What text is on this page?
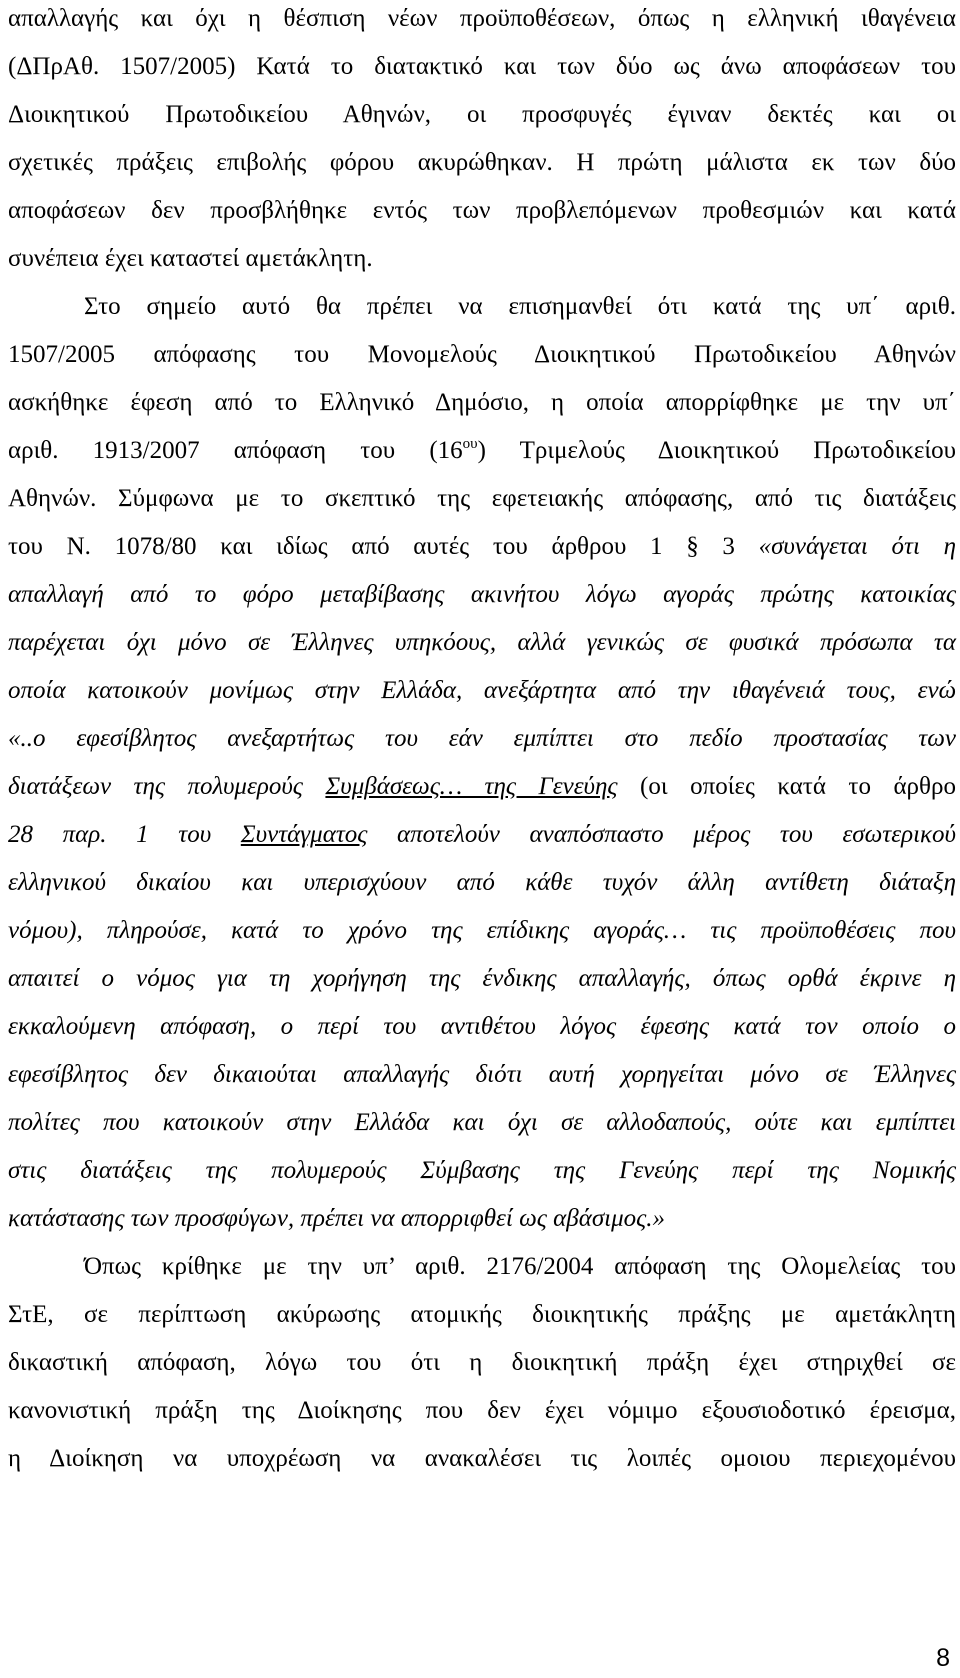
απαλλαγής και όχι η θέσπιση νέων προϋποθέσεων, όπως η ελληνική ιθαγένεια
(ΔΠρΑθ. 1507/2005) Κατά το διατακτικό και των δύο ως άνω αποφάσεων του
Διοικητικού Πρωτοδικείου Αθηνών, οι προσφυγές έγιναν δεκτές και οι
σχετικές πράξεις επιβολής φόρου ακυρώθηκαν. Η πρώτη μάλιστα εκ των δύο
αποφάσεων δεν προσβλήθηκε εντός των προβλεπόμενων προθεσμιών και κατά
συνέπεια έχει καταστεί αμετάκλητη.
Στο σημείο αυτό θα πρέπει να επισημανθεί ότι κατά της υπ΄ αριθ.
1507/2005 απόφασης του Μονομελούς Διοικητικού Πρωτοδικείου Αθηνών
ασκήθηκε έφεση από το Ελληνικό Δημόσιο, η οποία απορρίφθηκε με την υπ΄
αριθ. 1913/2007 απόφαση του $(16^{o\upsilon})$ Τριμελούς Διοικητικού Πρωτοδικείου
Αθηνών. Σύμφωνα με το σκεπτικό της εφετειακής απόφασης, από τις διατάξεις
του Ν. 1078/80 και ιδίως από αυτές του άρθρου 1 § 3 «συνάγεται ότι η
απαλλαγή από το φόρο μεταβίβασης ακινήτου λόγω αγοράς πρώτης κατοικίας
παρέχεται όχι μόνο σε Έλληνες υπηκόους, αλλά γενικώς σε φυσικά πρόσωπα τα
οποία κατοικούν μονίμως στην Ελλάδα, ανεξάρτητα από την ιθαγένειά τους, ενώ
«..ο εφεσίβλητος ανεξαρτήτως του εάν εμπίπτει στο πεδίο προστασίας των
διατάξεων της πολυμερούς Συμβάσεως… της Γενεύης (οι οποίες κατά το άρθρο
28 παρ. 1 του Συντάγματος αποτελούν αναπόσπαστο μέρος του εσωτερικού
ελληνικού δικαίου και υπερισχύουν από κάθε τυχόν άλλη αντίθετη διάταξη
νόμου), πληρούσε, κατά το χρόνο της επίδικης αγοράς… τις προϋποθέσεις που
απαιτεί ο νόμος για τη χορήγηση της ένδικης απαλλαγής, όπως ορθά έκρινε η
εκκαλούμενη απόφαση, ο περί του αντιθέτου λόγος έφεσης κατά τον οποίο ο
εφεσίβλητος δεν δικαιούται απαλλαγής διότι αυτή χορηγείται μόνο σε Έλληνες
πολίτες που κατοικούν στην Ελλάδα και όχι σε αλλοδαπούς, ούτε και εμπίπτει
στις διατάξεις της πολυμερούς Σύμβασης της Γενεύης περί της Νομικής
κατάστασης των προσφύγων, πρέπει να απορριφθεί ως αβάσιμος.»
Όπως κρίθηκε με την υπ’ αριθ. 2176/2004 απόφαση της Ολομελείας του
ΣτΕ, σε περίπτωση ακύρωσης ατομικής διοικητικής πράξης με αμετάκλητη
δικαστική απόφαση, λόγω του ότι η διοικητική πράξη έχει στηριχθεί σε
κανονιστική πράξη της Διοίκησης που δεν έχει νόμιμο εξουσιοδοτικό έρεισμα,
η Διοίκηση να υποχρέωση να ανακαλέσει τις λοιπές ομοιου περιεχομένου
8
